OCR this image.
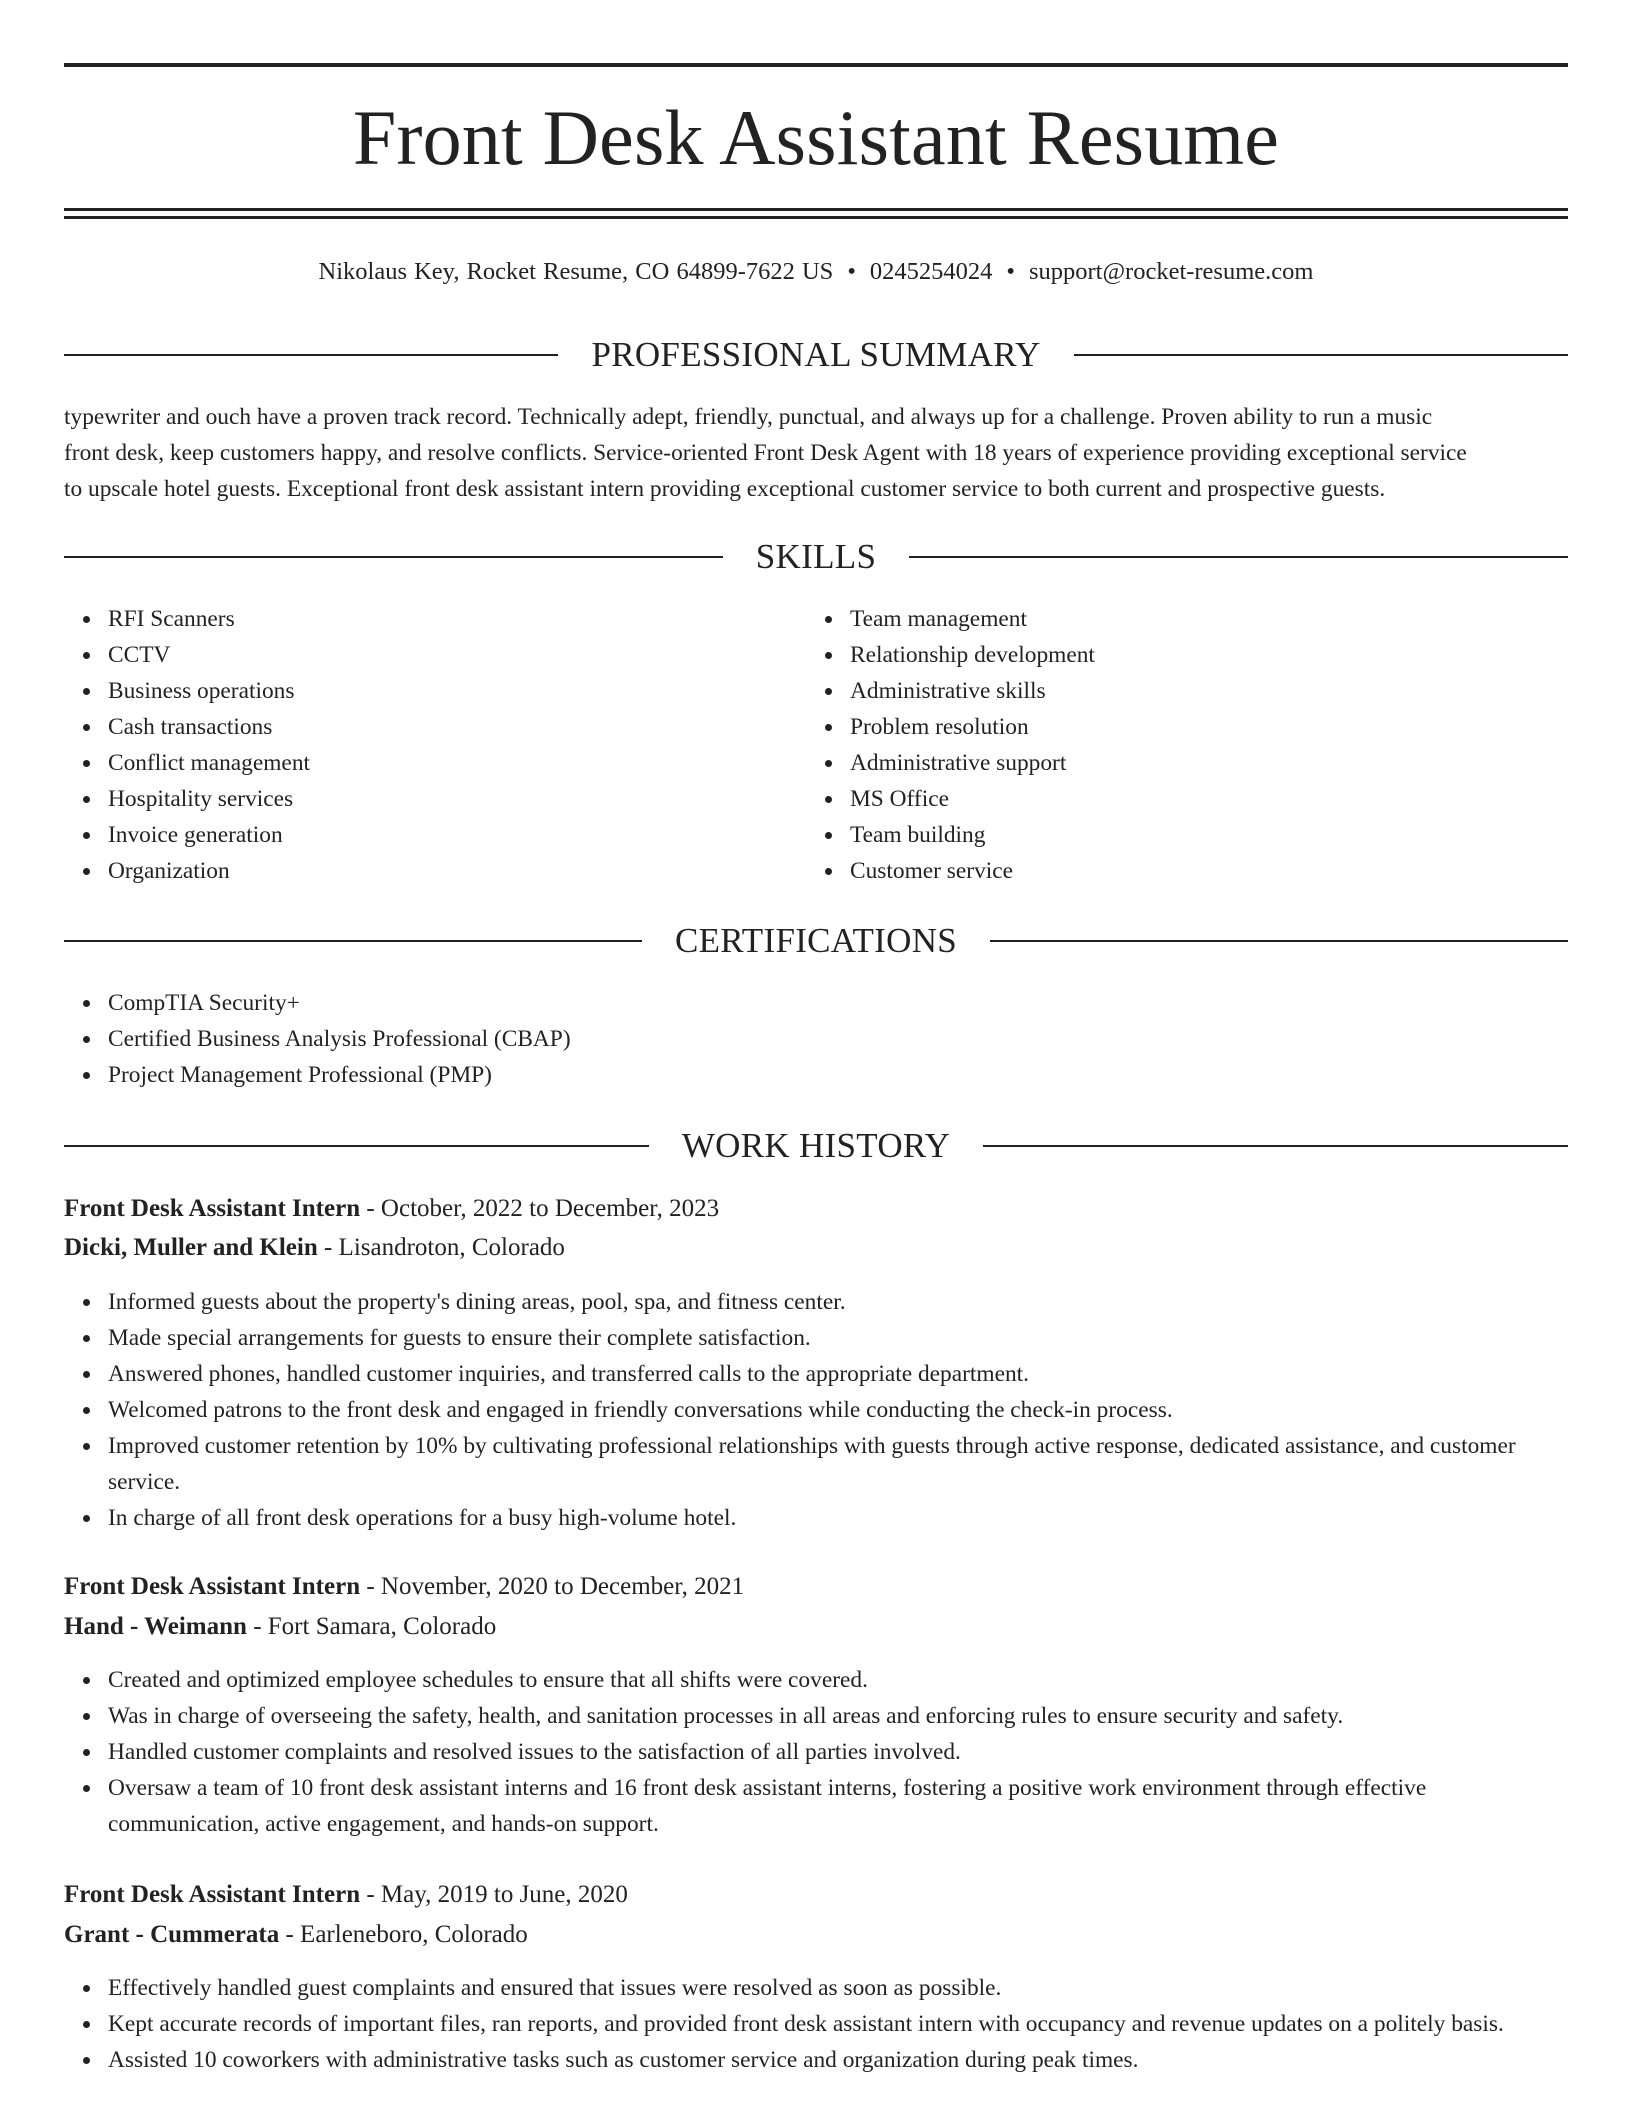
Front Desk Assistant Resume
Nikolaus Key, Rocket Resume, CO 64899-7622 US • 0245254024 • support@rocket-resume.com
PROFESSIONAL SUMMARY
typewriter and ouch have a proven track record. Technically adept, friendly, punctual, and always up for a challenge. Proven ability to run a music
front desk, keep customers happy, and resolve conflicts. Service-oriented Front Desk Agent with 18 years of experience providing exceptional service
to upscale hotel guests. Exceptional front desk assistant intern providing exceptional customer service to both current and prospective guests.
SKILLS
RFI Scanners
CCTV
Business operations
Cash transactions
Conflict management
Hospitality services
Invoice generation
Organization
Team management
Relationship development
Administrative skills
Problem resolution
Administrative support
MS Office
Team building
Customer service
CERTIFICATIONS
CompTIA Security+
Certified Business Analysis Professional (CBAP)
Project Management Professional (PMP)
WORK HISTORY
Front Desk Assistant Intern - October, 2022 to December, 2023
Dicki, Muller and Klein - Lisandroton, Colorado
Informed guests about the property's dining areas, pool, spa, and fitness center.
Made special arrangements for guests to ensure their complete satisfaction.
Answered phones, handled customer inquiries, and transferred calls to the appropriate department.
Welcomed patrons to the front desk and engaged in friendly conversations while conducting the check-in process.
Improved customer retention by 10% by cultivating professional relationships with guests through active response, dedicated assistance, and customer service.
In charge of all front desk operations for a busy high-volume hotel.
Front Desk Assistant Intern - November, 2020 to December, 2021
Hand - Weimann - Fort Samara, Colorado
Created and optimized employee schedules to ensure that all shifts were covered.
Was in charge of overseeing the safety, health, and sanitation processes in all areas and enforcing rules to ensure security and safety.
Handled customer complaints and resolved issues to the satisfaction of all parties involved.
Oversaw a team of 10 front desk assistant interns and 16 front desk assistant interns, fostering a positive work environment through effective communication, active engagement, and hands-on support.
Front Desk Assistant Intern - May, 2019 to June, 2020
Grant - Cummerata - Earleneboro, Colorado
Effectively handled guest complaints and ensured that issues were resolved as soon as possible.
Kept accurate records of important files, ran reports, and provided front desk assistant intern with occupancy and revenue updates on a politely basis.
Assisted 10 coworkers with administrative tasks such as customer service and organization during peak times.
